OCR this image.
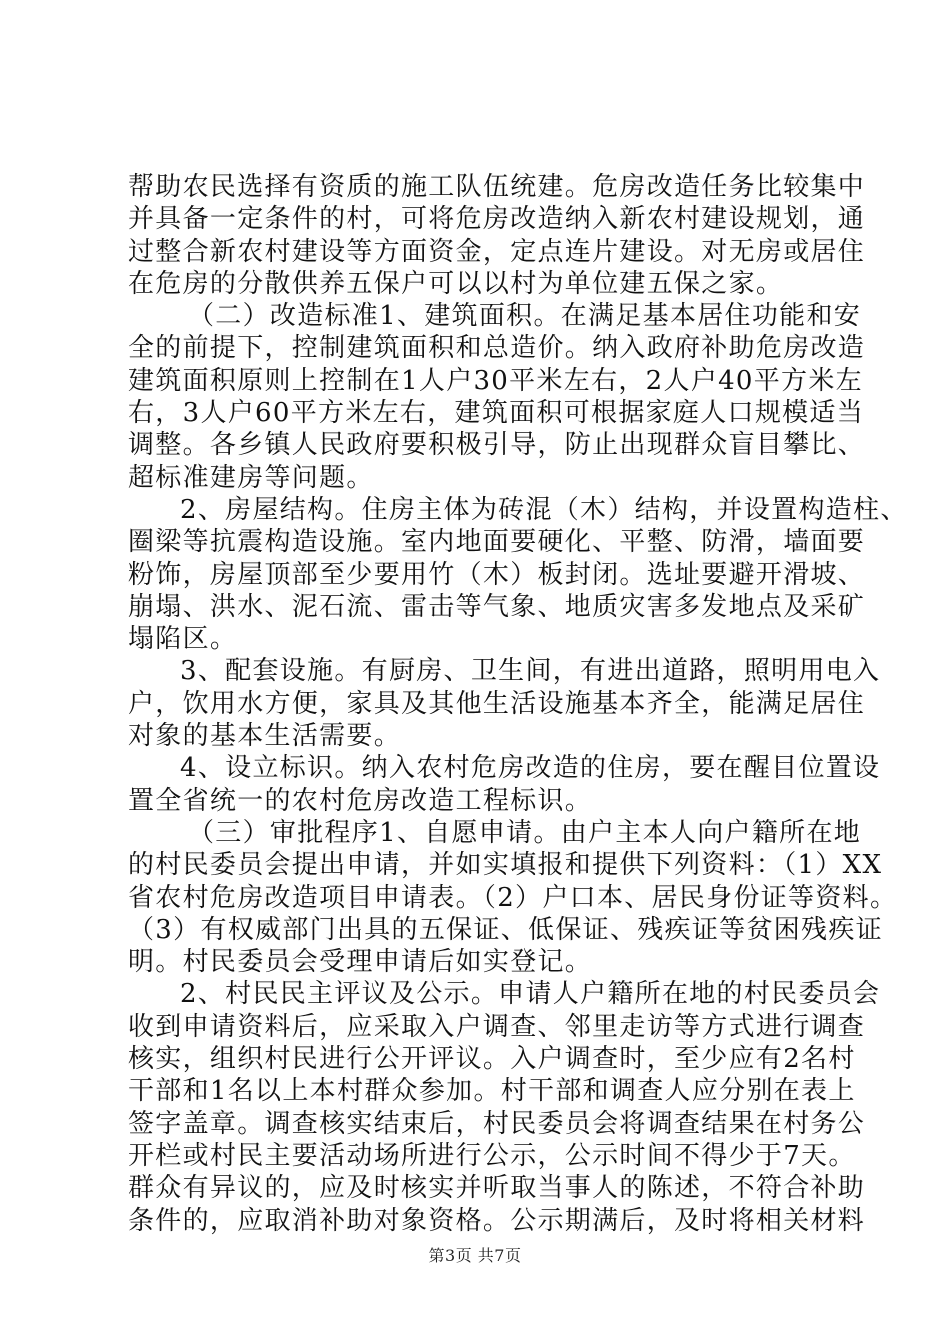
帮助农民选择有资质的施工队伍统建。危房改造任务比较集中
并具备一定条件的村，可将危房改造纳入新农村建设规划，通
过整合新农村建设等方面资金，定点连片建设。对无房或居住
在危房的分散供养五保户可以以村为单位建五保之家。
（二）改造标准1、建筑面积。在满足基本居住功能和安
全的前提下，控制建筑面积和总造价。纳入政府补助危房改造
建筑面积原则上控制在1人户30平米左右，2人户40平方米左
右，3人户60平方米左右，建筑面积可根据家庭人口规模适当
调整。各乡镇人民政府要积极引导，防止出现群众盲目攀比、
超标准建房等问题。
2、房屋结构。住房主体为砖混（木）结构，并设置构造柱、
圈梁等抗震构造设施。室内地面要硬化、平整、防滑，墙面要
粉饰，房屋顶部至少要用竹（木）板封闭。选址要避开滑坡、
崩塌、洪水、泥石流、雷击等气象、地质灾害多发地点及采矿
塌陷区。
3、配套设施。有厨房、卫生间，有进出道路，照明用电入
户，饮用水方便，家具及其他生活设施基本齐全，能满足居住
对象的基本生活需要。
4、设立标识。纳入农村危房改造的住房，要在醒目位置设
置全省统一的农村危房改造工程标识。
（三）审批程序1、自愿申请。由户主本人向户籍所在地
的村民委员会提出申请，并如实填报和提供下列资料：（1）XX
省农村危房改造项目申请表。（2）户口本、居民身份证等资料。
（3）有权威部门出具的五保证、低保证、残疾证等贫困残疾证
明。村民委员会受理申请后如实登记。
2、村民民主评议及公示。申请人户籍所在地的村民委员会
收到申请资料后，应采取入户调查、邻里走访等方式进行调查
核实，组织村民进行公开评议。入户调查时，至少应有2名村
干部和1名以上本村群众参加。村干部和调查人应分别在表上
签字盖章。调查核实结束后，村民委员会将调查结果在村务公
开栏或村民主要活动场所进行公示，公示时间不得少于7天。
群众有异议的，应及时核实并听取当事人的陈述，不符合补助
条件的，应取消补助对象资格。公示期满后，及时将相关材料
第3页 共7页
